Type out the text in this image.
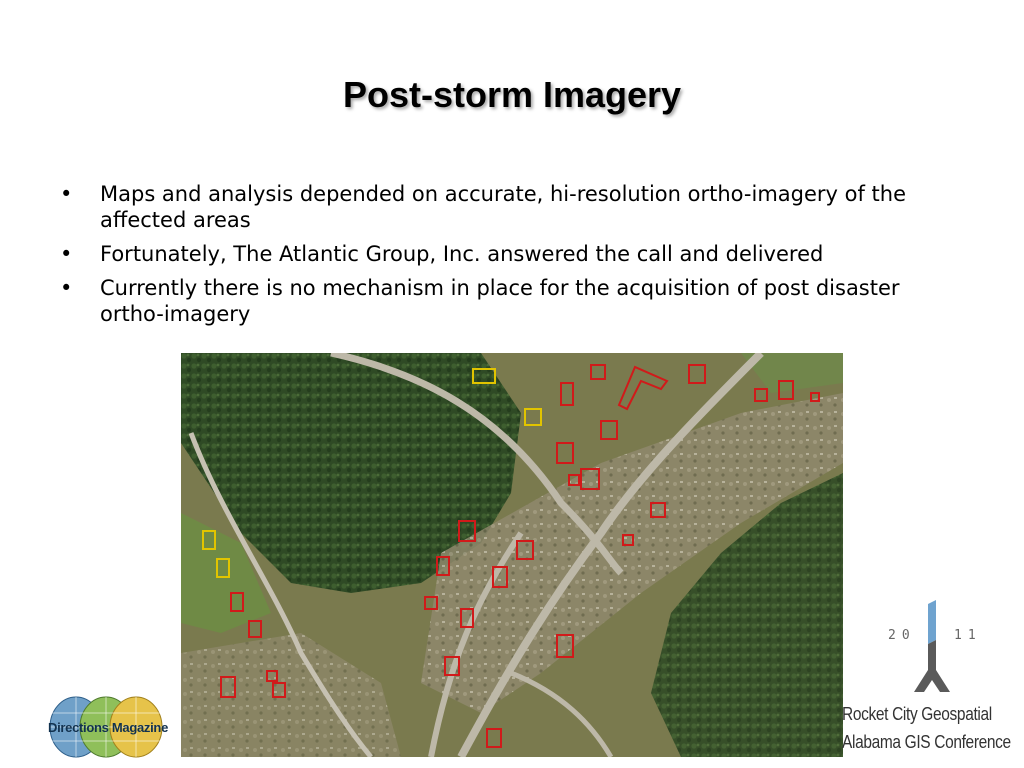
Post-storm Imagery
• Maps and analysis depended on accurate, hi-resolution ortho-imagery of the affected areas
• Fortunately, The Atlantic Group, Inc. answered the call and delivered
• Currently there is no mechanism in place for the acquisition of post disaster ortho-imagery
Directions Magazine
20	11
Rocket City Geospatial
Alabama GIS Conference
